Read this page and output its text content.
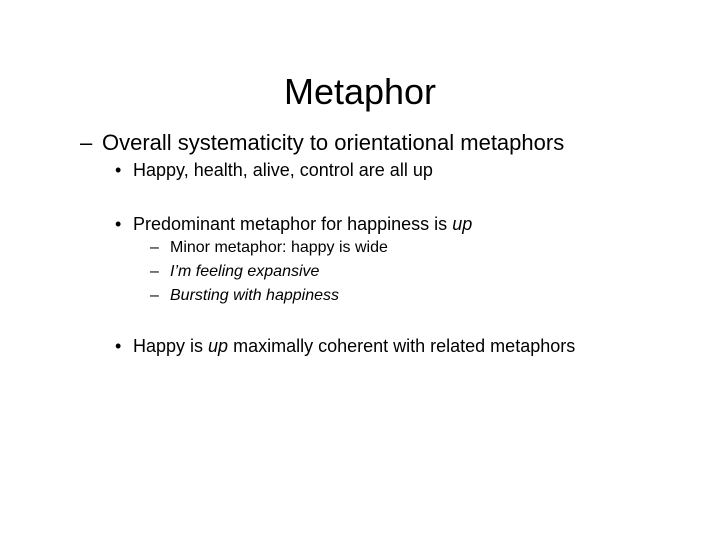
Metaphor

– Overall systematicity to orientational metaphors

• Happy, health, alive, control are all up

• Predominant metaphor for happiness is up

– Minor metaphor: happy is wide

– I’m feeling expansive

– Bursting with happiness

• Happy is up maximally coherent with related metaphors
